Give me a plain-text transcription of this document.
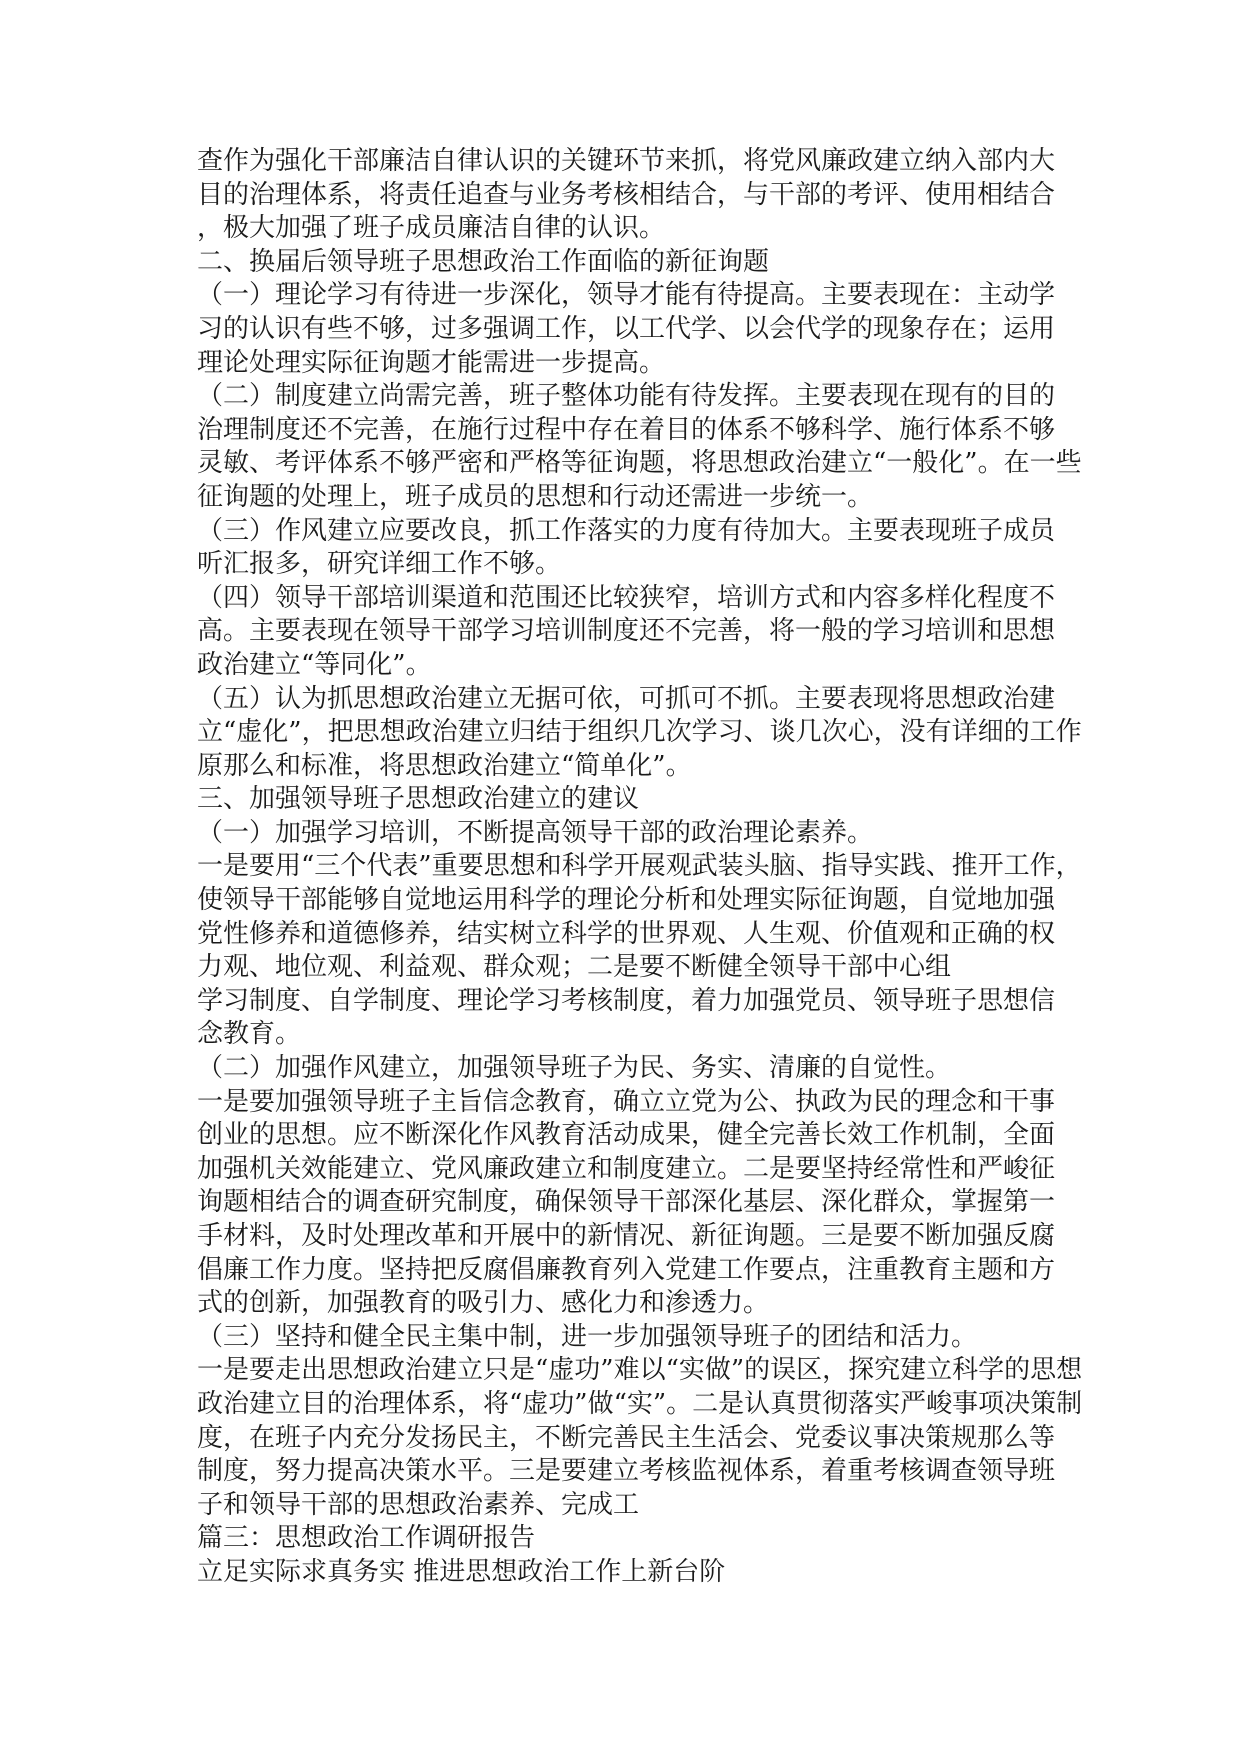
查作为强化干部廉洁自律认识的关键环节来抓，将党风廉政建立纳入部内大
目的治理体系，将责任追查与业务考核相结合，与干部的考评、使用相结合
，极大加强了班子成员廉洁自律的认识。
二、换届后领导班子思想政治工作面临的新征询题
（一）理论学习有待进一步深化，领导才能有待提高。主要表现在：主动学
习的认识有些不够，过多强调工作，以工代学、以会代学的现象存在；运用
理论处理实际征询题才能需进一步提高。
（二）制度建立尚需完善，班子整体功能有待发挥。主要表现在现有的目的
治理制度还不完善，在施行过程中存在着目的体系不够科学、施行体系不够
灵敏、考评体系不够严密和严格等征询题，将思想政治建立“一般化”。在一些
征询题的处理上，班子成员的思想和行动还需进一步统一。
（三）作风建立应要改良，抓工作落实的力度有待加大。主要表现班子成员
听汇报多，研究详细工作不够。
（四）领导干部培训渠道和范围还比较狭窄，培训方式和内容多样化程度不
高。主要表现在领导干部学习培训制度还不完善，将一般的学习培训和思想
政治建立“等同化”。
（五）认为抓思想政治建立无据可依，可抓可不抓。主要表现将思想政治建
立“虚化”，把思想政治建立归结于组织几次学习、谈几次心，没有详细的工作
原那么和标准，将思想政治建立“简单化”。
三、加强领导班子思想政治建立的建议
（一）加强学习培训，不断提高领导干部的政治理论素养。
一是要用“三个代表”重要思想和科学开展观武装头脑、指导实践、推开工作，
使领导干部能够自觉地运用科学的理论分析和处理实际征询题，自觉地加强
党性修养和道德修养，结实树立科学的世界观、人生观、价值观和正确的权
力观、地位观、利益观、群众观；二是要不断健全领导干部中心组
学习制度、自学制度、理论学习考核制度，着力加强党员、领导班子思想信
念教育。
（二）加强作风建立，加强领导班子为民、务实、清廉的自觉性。
一是要加强领导班子主旨信念教育，确立立党为公、执政为民的理念和干事
创业的思想。应不断深化作风教育活动成果，健全完善长效工作机制，全面
加强机关效能建立、党风廉政建立和制度建立。二是要坚持经常性和严峻征
询题相结合的调查研究制度，确保领导干部深化基层、深化群众，掌握第一
手材料，及时处理改革和开展中的新情况、新征询题。三是要不断加强反腐
倡廉工作力度。坚持把反腐倡廉教育列入党建工作要点，注重教育主题和方
式的创新，加强教育的吸引力、感化力和渗透力。
（三）坚持和健全民主集中制，进一步加强领导班子的团结和活力。
一是要走出思想政治建立只是“虚功”难以“实做”的误区，探究建立科学的思想
政治建立目的治理体系，将“虚功”做“实”。二是认真贯彻落实严峻事项决策制
度，在班子内充分发扬民主，不断完善民主生活会、党委议事决策规那么等
制度，努力提高决策水平。三是要建立考核监视体系，着重考核调查领导班
子和领导干部的思想政治素养、完成工
篇三：思想政治工作调研报告
立足实际求真务实 推进思想政治工作上新台阶
